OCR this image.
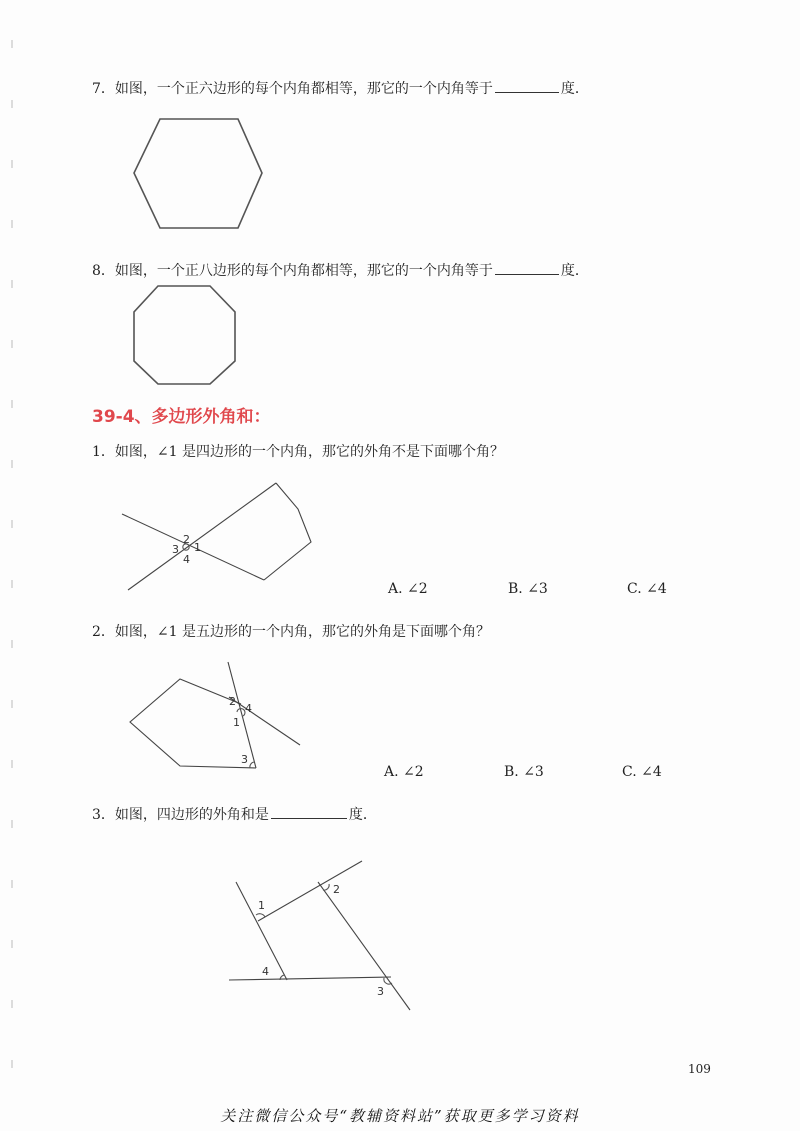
7．如图，一个正六边形的每个内角都相等，那它的一个内角等于	度．
8．如图，一个正八边形的每个内角都相等，那它的一个内角等于	度．
39-4、多边形外角和：
1．如图，∠1 是四边形的一个内角，那它的外角不是下面哪个角？
A. ∠2	B. ∠3	C. ∠4
2．如图，∠1 是五边形的一个内角，那它的外角是下面哪个角？
A. ∠2	B. ∠3	C. ∠4
3．如图，四边形的外角和是	度．
2
1
3
4
2
4
1
3
1
2
3
4
109
关注微信公众号“教辅资料站”获取更多学习资料
